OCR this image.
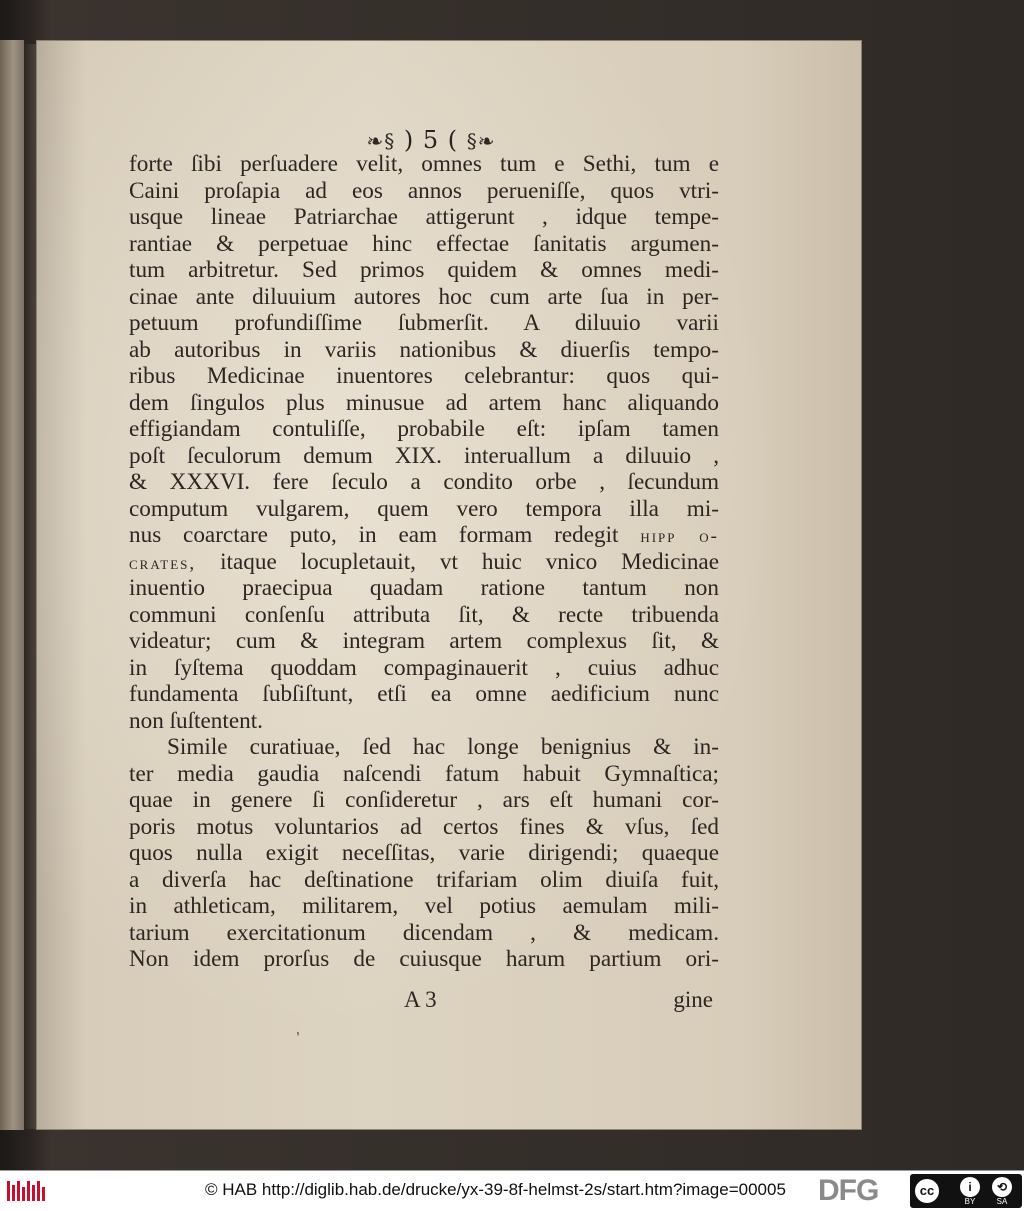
❧§ ) 5 ( §❧
forte ſibi perſuadere velit, omnes tum e Sethi, tum e
Caini proſapia ad eos annos perueniſſe, quos vtri-
usque lineae Patriarchae attigerunt , idque tempe-
rantiae & perpetuae hinc effectae ſanitatis argumen-
tum arbitretur. Sed primos quidem & omnes medi-
cinae ante diluuium autores hoc cum arte ſua in per-
petuum profundiſſime ſubmerſit. A diluuio varii
ab autoribus in variis nationibus & diuerſis tempo-
ribus Medicinae inuentores celebrantur: quos qui-
dem ſingulos plus minusue ad artem hanc aliquando
effigiandam contuliſſe, probabile eſt: ipſam tamen
poſt ſeculorum demum XIX. interuallum a diluuio ,
& XXXVI. fere ſeculo a condito orbe , ſecundum
computum vulgarem, quem vero tempora illa mi-
nus coarctare puto, in eam formam redegit hipp o-
crates, itaque locupletauit, vt huic vnico Medicinae
inuentio praecipua quadam ratione tantum non
communi conſenſu attributa ſit, & recte tribuenda
videatur; cum & integram artem complexus ſit, &
in ſyſtema quoddam compaginauerit , cuius adhuc
fundamenta ſubſiſtunt, etſi ea omne aedificium nunc
non ſuſtentent.
Simile curatiuae, ſed hac longe benignius & in-
ter media gaudia naſcendi fatum habuit Gymnaſtica;
quae in genere ſi conſideretur , ars eſt humani cor-
poris motus voluntarios ad certos fines & vſus, ſed
quos nulla exigit neceſſitas, varie dirigendi; quaeque
a diverſa hac deſtinatione trifariam olim diuiſa fuit,
in athleticam, militarem, vel potius aemulam mili-
tarium exercitationum dicendam , & medicam.
Non idem prorſus de cuiusque harum partium ori-
A 3	gine
,
© HAB http://diglib.hab.de/drucke/yx-39-8f-helmst-2s/start.htm?image=00005 DFG	cc	i	⟲
BY	SA
